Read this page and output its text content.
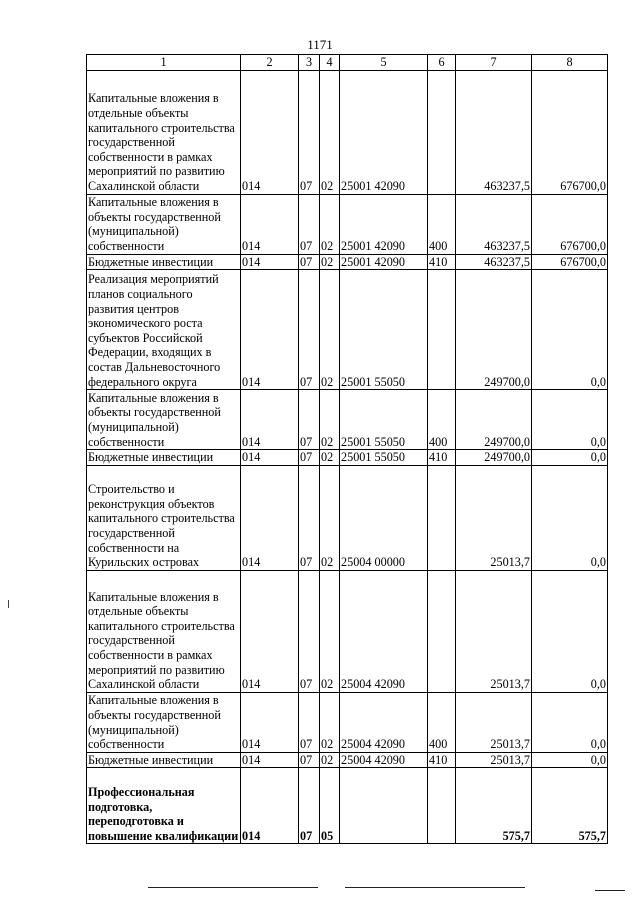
1171
1	2	3	4	5	6	7	8
Капитальные вложения в отдельные объекты капитального строительства государственной собственности в рамках мероприятий по развитию Сахалинской области	014	07	02	25001 42090		463237,5	676700,0
Капитальные вложения в объекты государственной (муниципальной) собственности	014	07	02	25001 42090	400	463237,5	676700,0
Бюджетные инвестиции	014	07	02	25001 42090	410	463237,5	676700,0
Реализация мероприятий планов социального развития центров экономического роста субъектов Российской Федерации, входящих в состав Дальневосточного федерального округа	014	07	02	25001 55050		249700,0	0,0
Капитальные вложения в объекты государственной (муниципальной) собственности	014	07	02	25001 55050	400	249700,0	0,0
Бюджетные инвестиции	014	07	02	25001 55050	410	249700,0	0,0
Строительство и реконструкция объектов капитального строительства государственной собственности на Курильских островах	014	07	02	25004 00000		25013,7	0,0
Капитальные вложения в отдельные объекты капитального строительства государственной собственности в рамках мероприятий по развитию Сахалинской области	014	07	02	25004 42090		25013,7	0,0
Капитальные вложения в объекты государственной (муниципальной) собственности	014	07	02	25004 42090	400	25013,7	0,0
Бюджетные инвестиции	014	07	02	25004 42090	410	25013,7	0,0
Профессиональная подготовка, переподготовка и повышение квалификации	014	07	05			575,7	575,7
